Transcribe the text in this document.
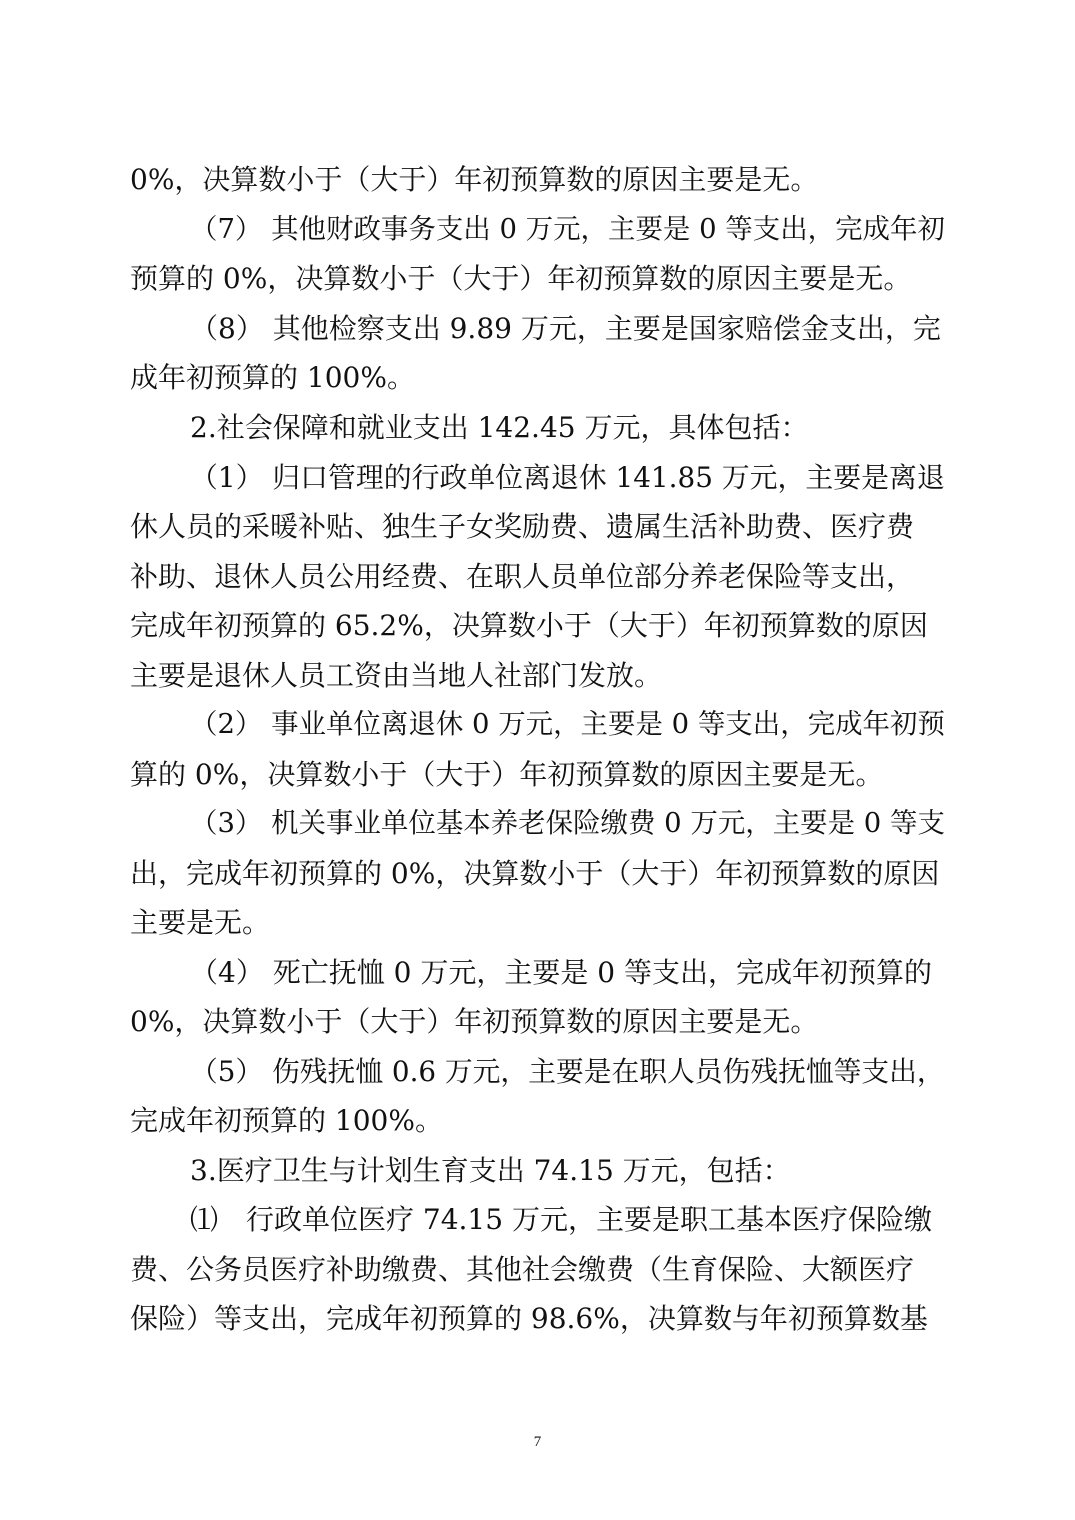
0%，决算数小于（大于）年初预算数的原因主要是无。
（7） 其他财政事务支出 0 万元，主要是 0 等支出，完成年初
预算的 0%，决算数小于（大于）年初预算数的原因主要是无。
（8） 其他检察支出 9.89 万元，主要是国家赔偿金支出，完
成年初预算的 100%。
2.社会保障和就业支出 142.45 万元，具体包括：
（1） 归口管理的行政单位离退休 141.85 万元，主要是离退
休人员的采暖补贴、独生子女奖励费、遗属生活补助费、医疗费
补助、退休人员公用经费、在职人员单位部分养老保险等支出，
完成年初预算的 65.2%，决算数小于（大于）年初预算数的原因
主要是退休人员工资由当地人社部门发放。
（2） 事业单位离退休 0 万元，主要是 0 等支出，完成年初预
算的 0%，决算数小于（大于）年初预算数的原因主要是无。
（3） 机关事业单位基本养老保险缴费 0 万元，主要是 0 等支
出，完成年初预算的 0%，决算数小于（大于）年初预算数的原因
主要是无。
（4） 死亡抚恤 0 万元，主要是 0 等支出，完成年初预算的
0%，决算数小于（大于）年初预算数的原因主要是无。
（5） 伤残抚恤 0.6 万元，主要是在职人员伤残抚恤等支出，
完成年初预算的 100%。
3.医疗卫生与计划生育支出 74.15 万元，包括：
⑴　行政单位医疗 74.15 万元，主要是职工基本医疗保险缴
费、公务员医疗补助缴费、其他社会缴费（生育保险、大额医疗
保险）等支出，完成年初预算的 98.6%，决算数与年初预算数基
7
